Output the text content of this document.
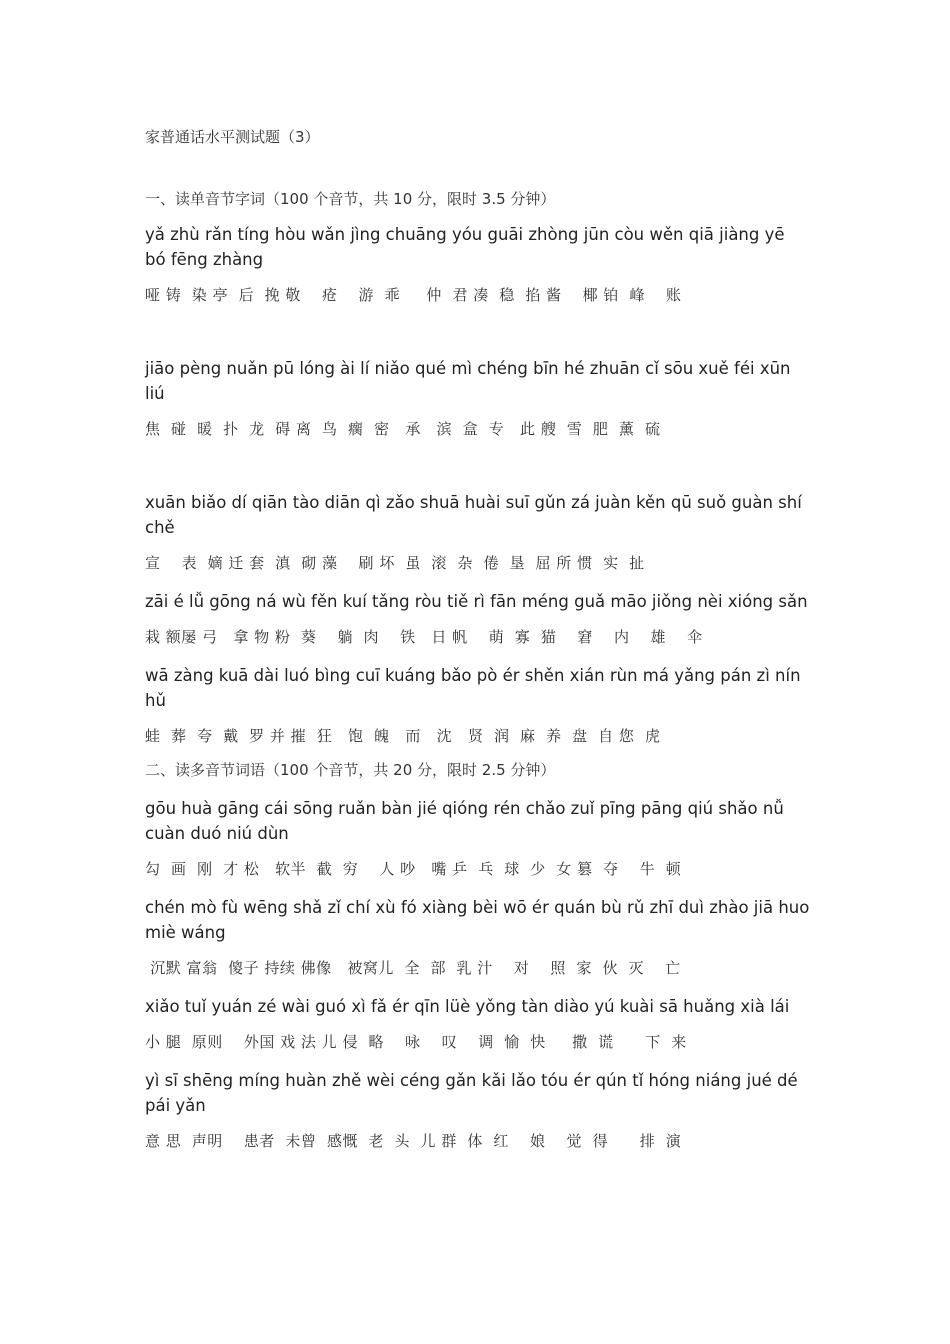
家普通话水平测试题（3）

一、读单音节字词（100 个音节，共 10 分，限时 3.5 分钟）

yǎ zhù rǎn tíng hòu wǎn jìng chuāng yóu guāi zhòng jūn còu wěn qiā jiàng yē bó fēng zhàng

哑 铸  染 亭  后  挽 敬    疮    游  乖     仲  君 凑  稳  掐 酱    椰 铂  峰    账

jiāo pèng nuǎn pū lóng ài lí niǎo qué mì chéng bīn hé zhuān cǐ sōu xuě féi xūn liú

焦  碰  暖  扑  龙  碍 离  鸟  瘸  密   承   滨  盒  专   此 艘  雪  肥  薰  硫

xuān biǎo dí qiān tào diān qì zǎo shuā huài suī gǔn zá juàn kěn qū suǒ guàn shí chě

宣    表  嫡 迁 套  滇  砌 藻    刷 坏  虽  滚  杂  倦  垦  屈 所 惯  实  扯

zāi é lǚ gōng ná wù fěn kuí tǎng ròu tiě rì fān méng guǎ māo jiǒng nèi xióng sǎn

栽 额屡 弓   拿 物 粉  葵    躺  肉    铁   日 帆    萌  寡  猫    窘    内    雄    伞

wā zàng kuā dài luó bìng cuī kuáng bǎo pò ér shěn xián rùn má yǎng pán zì nín hǔ

蛙  葬  夸  戴  罗 并 摧  狂   饱  魄   而   沈   贤  润  麻  养  盘  自 您  虎

二、读多音节词语（100 个音节，共 20 分，限时 2.5 分钟）

gōu huà gāng cái sōng ruǎn bàn jié qióng rén chǎo zuǐ pīng pāng qiú shǎo nǚ cuàn duó niú dùn

勾  画  刚  才 松   软半  截  穷    人 吵   嘴 乒  乓  球  少  女 篡  夺    牛  顿

chén mò fù wēng shǎ zǐ chí xù fó xiàng bèi wō ér quán bù rǔ zhī duì zhào jiā huo miè wáng

沉默 富翁  傻子 持续 佛像   被窝儿  全  部  乳 汁    对    照  家  伙  灭    亡

xiǎo tuǐ yuán zé wài guó xì fǎ ér qīn lüè yǒng tàn diào yú kuài sā huǎng xià lái

小 腿  原则    外国 戏 法 儿 侵  略    咏    叹    调  愉  快     撒  谎      下  来

yì sī shēng míng huàn zhě wèi céng gǎn kǎi lǎo tóu ér qún tǐ hóng niáng jué dé pái yǎn

意 思  声明    患者  未曾  感慨  老  头  儿 群  体  红    娘    觉  得      排  演
